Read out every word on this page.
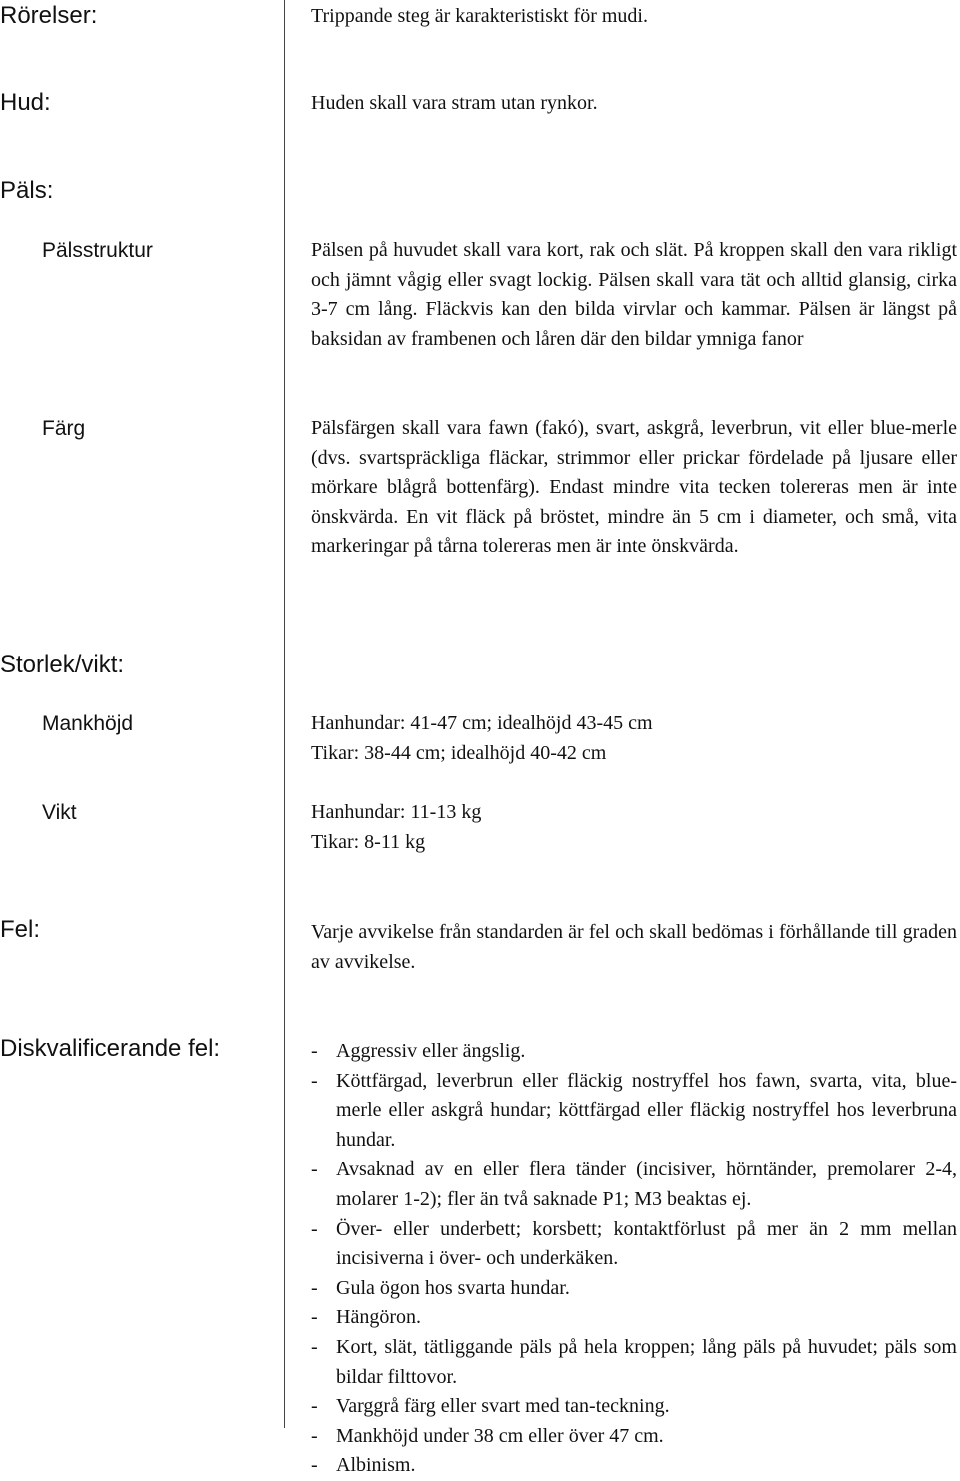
Rörelser:	Trippande steg är karakteristiskt för mudi.
Hud:	Huden skall vara stram utan rynkor.
Päls:
Pälsstruktur	Pälsen på huvudet skall vara kort, rak och slät. På kroppen skall den vara rikligt och jämnt vågig eller svagt lockig. Pälsen skall vara tät och alltid glansig, cirka 3-7 cm lång. Fläckvis kan den bilda virvlar och kammar. Pälsen är längst på baksidan av frambenen och låren där den bildar ymniga fanor

Färg	Pälsfärgen skall vara fawn (fakó), svart, askgrå, leverbrun, vit eller blue-merle (dvs. svartspräckliga fläckar, strimmor eller prickar fördelade på ljusare eller mörkare blågrå bottenfärg). Endast mindre vita tecken tolereras men är inte önskvärda. En vit fläck på bröstet, mindre än 5 cm i diameter, och små, vita markeringar på tårna tolereras men är inte önskvärda.

Storlek/vikt:
Mankhöjd	Hanhundar: 41-47 cm; idealhöjd 43-45 cm
Tikar: 38-44 cm; idealhöjd 40-42 cm
Vikt	Hanhundar: 11-13 kg
Tikar: 8-11 kg
Fel:	Varje avvikelse från standarden är fel och skall bedömas i förhållande till graden av avvikelse.

Diskvalificerande fel:	- Aggressiv eller ängslig.
- Köttfärgad, leverbrun eller fläckig nostryffel hos fawn, svarta, vita, blue-merle eller askgrå hundar; köttfärgad eller fläckig nostryffel hos leverbruna hundar.
- Avsaknad av en eller flera tänder (incisiver, hörntänder, premolarer 2-4, molarer 1-2); fler än två saknade P1; M3 beaktas ej.
- Över- eller underbett; korsbett; kontaktförlust på mer än 2 mm mellan incisiverna i över- och underkäken.
- Gula ögon hos svarta hundar.
- Hängöron.
- Kort, slät, tätliggande päls på hela kroppen; lång päls på huvudet; päls som bildar filttovor.
- Varggrå färg eller svart med tan-teckning.
- Mankhöjd under 38 cm eller över 47 cm.
- Albinism.
